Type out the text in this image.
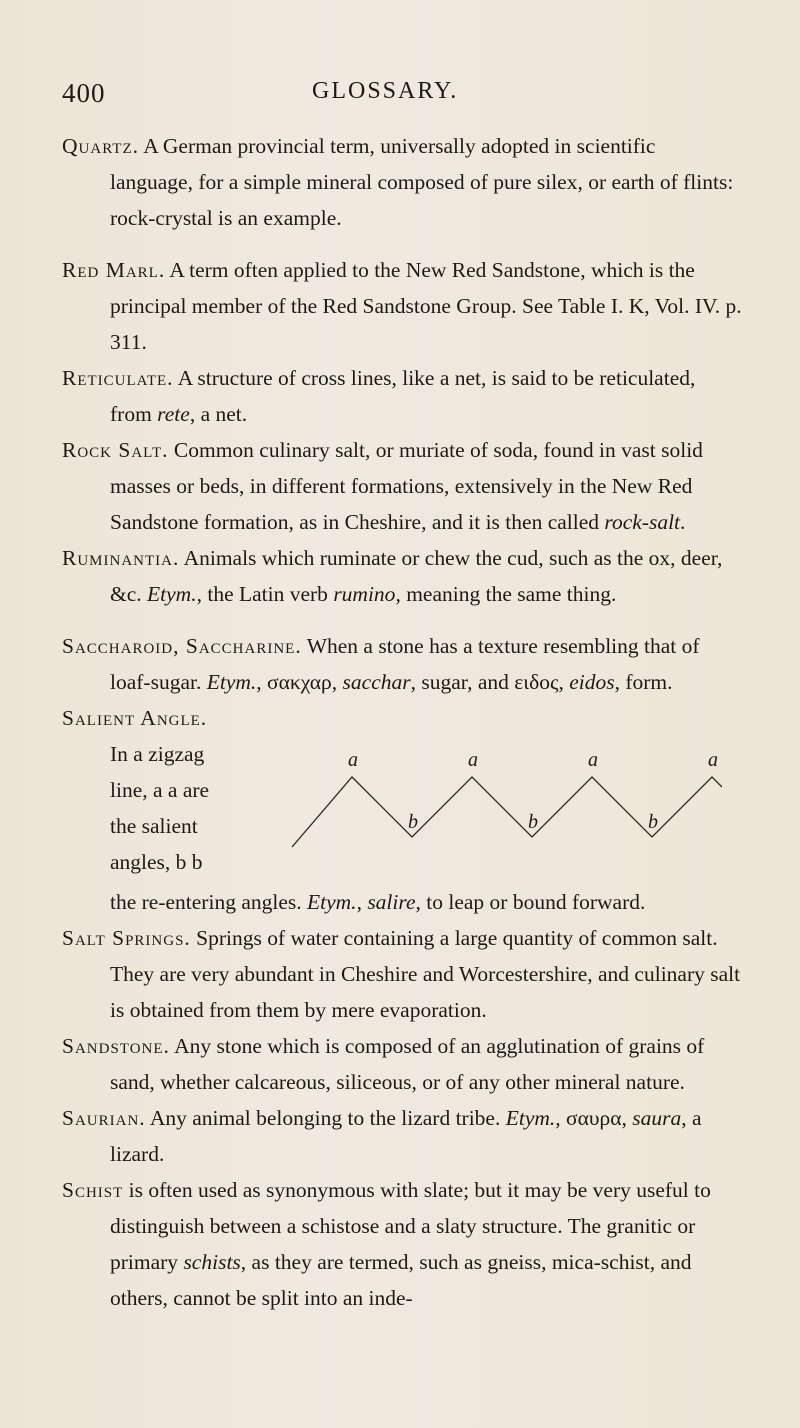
400	GLOSSARY.

Quartz. A German provincial term, universally adopted in scientific language, for a simple mineral composed of pure silex, or earth of flints: rock-crystal is an example.

Red Marl. A term often applied to the New Red Sandstone, which is the principal member of the Red Sandstone Group. See Table I. K, Vol. IV. p. 311.

Reticulate. A structure of cross lines, like a net, is said to be reticulated, from rete, a net.

Rock Salt. Common culinary salt, or muriate of soda, found in vast solid masses or beds, in different formations, extensively in the New Red Sandstone formation, as in Cheshire, and it is then called rock-salt.

Ruminantia. Animals which ruminate or chew the cud, such as the ox, deer, &c. Etym., the Latin verb rumino, meaning the same thing.

Saccharoid, Saccharine. When a stone has a texture resembling that of loaf-sugar. Etym., σακχαρ, sacchar, sugar, and ειδος, eidos, form.

Salient Angle.

In a zigzag
line, a a are
the salient
angles, b b
a	a	a	a
b	b	b

the re-entering angles. Etym., salire, to leap or bound forward.

Salt Springs. Springs of water containing a large quantity of common salt. They are very abundant in Cheshire and Worcestershire, and culinary salt is obtained from them by mere evaporation.

Sandstone. Any stone which is composed of an agglutination of grains of sand, whether calcareous, siliceous, or of any other mineral nature.

Saurian. Any animal belonging to the lizard tribe. Etym., σαυρα, saura, a lizard.

Schist is often used as synonymous with slate; but it may be very useful to distinguish between a schistose and a slaty structure. The granitic or primary schists, as they are termed, such as gneiss, mica-schist, and others, cannot be split into an inde-
